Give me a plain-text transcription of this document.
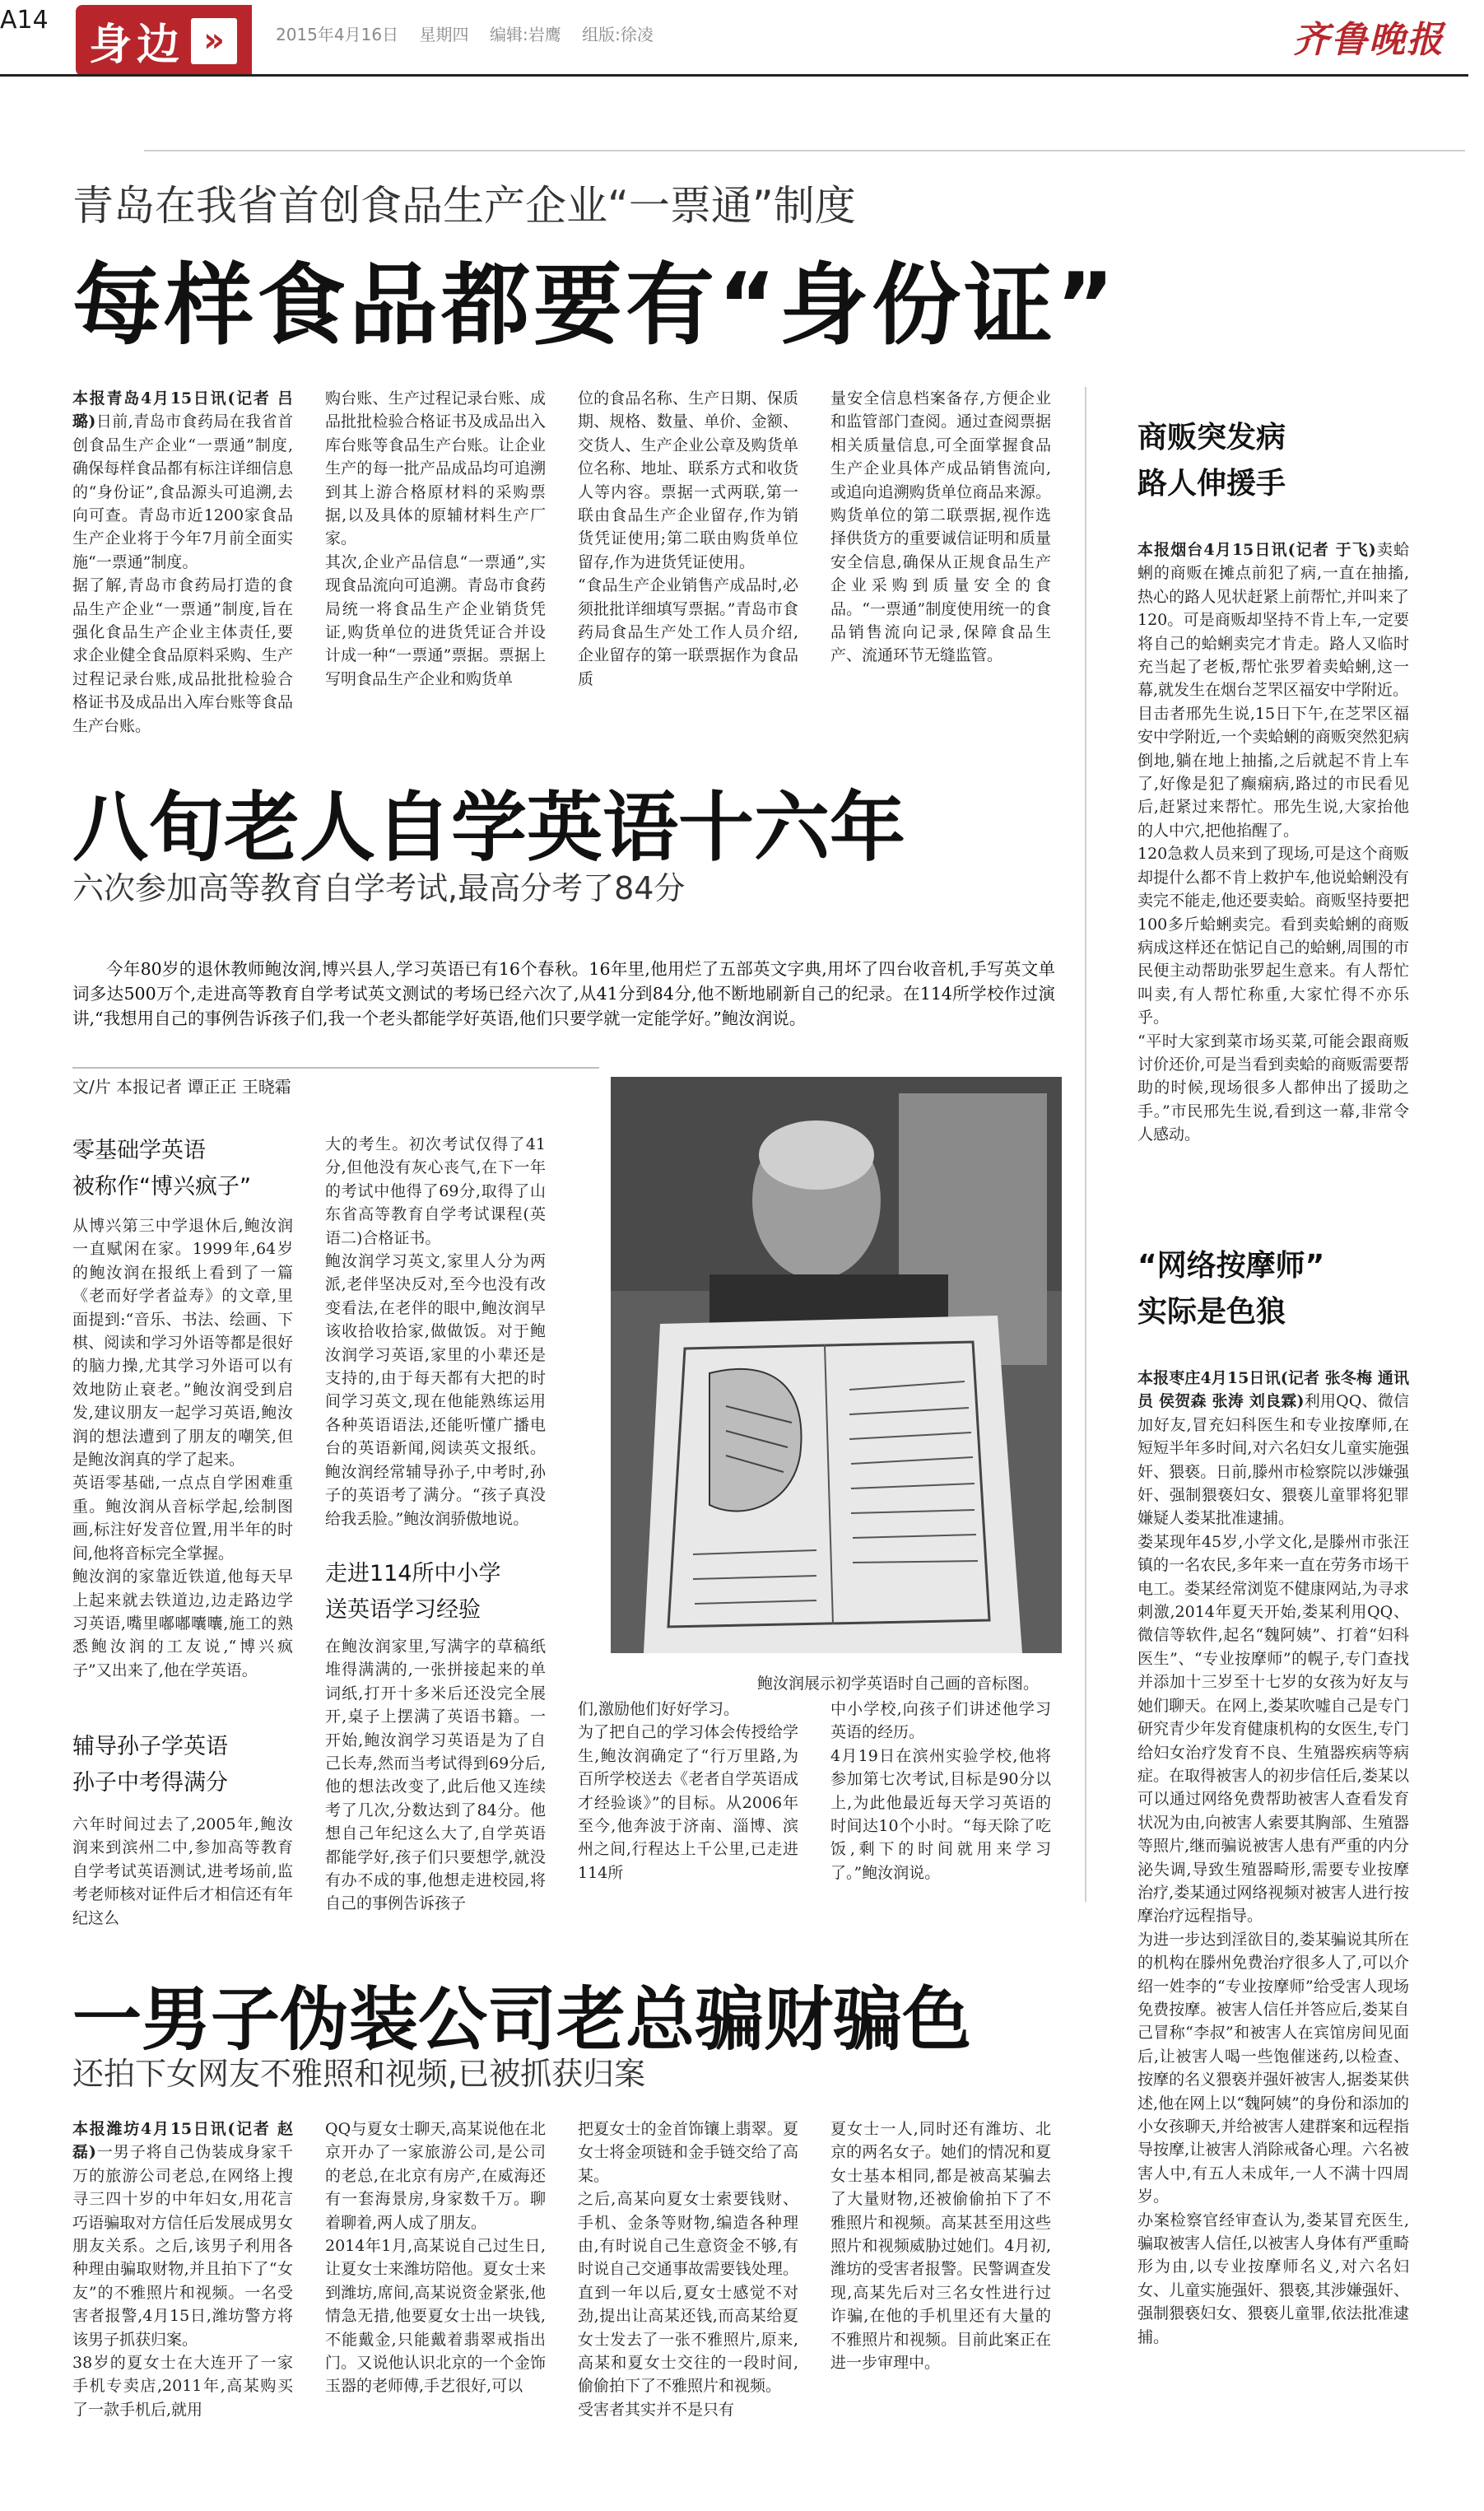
A14
身边 »	2015年4月16日 星期四 编辑:岩鹰 组版:徐凌	齐鲁晚报
青岛在我省首创食品生产企业“一票通”制度
每样食品都要有“身份证”
本报青岛4月15日讯(记者 吕璐)日前,青岛市食药局在我省首创食品生产企业“一票通”制度,确保每样食品都有标注详细信息的“身份证”,食品源头可追溯,去向可查。青岛市近1200家食品生产企业将于今年7月前全面实施“一票通”制度。
据了解,青岛市食药局打造的食品生产企业“一票通”制度,旨在强化食品生产企业主体责任,要求企业健全食品原料采购、生产过程记录台账,成品批批检验合格证书及成品出入库台账等食品生产台账。
购台账、生产过程记录台账、成品批批检验合格证书及成品出入库台账等食品生产台账。让企业生产的每一批产品成品均可追溯到其上游合格原材料的采购票据,以及具体的原辅材料生产厂家。
其次,企业产品信息“一票通”,实现食品流向可追溯。青岛市食药局统一将食品生产企业销货凭证,购货单位的进货凭证合并设计成一种“一票通”票据。票据上写明食品生产企业和购货单
位的食品名称、生产日期、保质期、规格、数量、单价、金额、交货人、生产企业公章及购货单位名称、地址、联系方式和收货人等内容。票据一式两联,第一联由食品生产企业留存,作为销货凭证使用;第二联由购货单位留存,作为进货凭证使用。
“食品生产企业销售产成品时,必须批批详细填写票据。”青岛市食药局食品生产处工作人员介绍,企业留存的第一联票据作为食品质
量安全信息档案备存,方便企业和监管部门查阅。通过查阅票据相关质量信息,可全面掌握食品生产企业具体产成品销售流向,或追向追溯购货单位商品来源。购货单位的第二联票据,视作选择供货方的重要诚信证明和质量安全信息,确保从正规食品生产企业采购到质量安全的食品。“一票通”制度使用统一的食品销售流向记录,保障食品生产、流通环节无缝监管。
八旬老人自学英语十六年
六次参加高等教育自学考试,最高分考了84分
今年80岁的退休教师鲍汝润,博兴县人,学习英语已有16个春秋。16年里,他用烂了五部英文字典,用坏了四台收音机,手写英文单词多达500万个,走进高等教育自学考试英文测试的考场已经六次了,从41分到84分,他不断地刷新自己的纪录。在114所学校作过演讲,“我想用自己的事例告诉孩子们,我一个老头都能学好英语,他们只要学就一定能学好。”鲍汝润说。
文/片 本报记者 谭正正 王晓霜
零基础学英语
被称作“博兴疯子”
从博兴第三中学退休后,鲍汝润一直赋闲在家。1999年,64岁的鲍汝润在报纸上看到了一篇《老而好学者益寿》的文章,里面提到:“音乐、书法、绘画、下棋、阅读和学习外语等都是很好的脑力操,尤其学习外语可以有效地防止衰老。”鲍汝润受到启发,建议朋友一起学习英语,鲍汝润的想法遭到了朋友的嘲笑,但是鲍汝润真的学了起来。
英语零基础,一点点自学困难重重。鲍汝润从音标学起,绘制图画,标注好发音位置,用半年的时间,他将音标完全掌握。
鲍汝润的家靠近铁道,他每天早上起来就去铁道边,边走路边学习英语,嘴里嘟嘟囔囔,施工的熟悉鲍汝润的工友说,“博兴疯子”又出来了,他在学英语。
辅导孙子学英语
孙子中考得满分
六年时间过去了,2005年,鲍汝润来到滨州二中,参加高等教育自学考试英语测试,进考场前,监考老师核对证件后才相信还有年纪这么
大的考生。初次考试仅得了41分,但他没有灰心丧气,在下一年的考试中他得了69分,取得了山东省高等教育自学考试课程(英语二)合格证书。
鲍汝润学习英文,家里人分为两派,老伴坚决反对,至今也没有改变看法,在老伴的眼中,鲍汝润早该收拾收拾家,做做饭。对于鲍汝润学习英语,家里的小辈还是支持的,由于每天都有大把的时间学习英文,现在他能熟练运用各种英语语法,还能听懂广播电台的英语新闻,阅读英文报纸。鲍汝润经常辅导孙子,中考时,孙子的英语考了满分。“孩子真没给我丢脸。”鲍汝润骄傲地说。
走进114所中小学
送英语学习经验
在鲍汝润家里,写满字的草稿纸堆得满满的,一张拼接起来的单词纸,打开十多米后还没完全展开,桌子上摆满了英语书籍。一开始,鲍汝润学习英语是为了自己长寿,然而当考试得到69分后,他的想法改变了,此后他又连续考了几次,分数达到了84分。他想自己年纪这么大了,自学英语都能学好,孩子们只要想学,就没有办不成的事,他想走进校园,将自己的事例告诉孩子
鲍汝润展示初学英语时自己画的音标图。
们,激励他们好好学习。
为了把自己的学习体会传授给学生,鲍汝润确定了“行万里路,为百所学校送去《老者自学英语成才经验谈》”的目标。从2006年至今,他奔波于济南、淄博、滨州之间,行程达上千公里,已走进114所
中小学校,向孩子们讲述他学习英语的经历。
4月19日在滨州实验学校,他将参加第七次考试,目标是90分以上,为此他最近每天学习英语的时间达10个小时。“每天除了吃饭,剩下的时间就用来学习了。”鲍汝润说。
一男子伪装公司老总骗财骗色
还拍下女网友不雅照和视频,已被抓获归案
本报潍坊4月15日讯(记者 赵磊)一男子将自己伪装成身家千万的旅游公司老总,在网络上搜寻三四十岁的中年妇女,用花言巧语骗取对方信任后发展成男女朋友关系。之后,该男子利用各种理由骗取财物,并且拍下了“女友”的不雅照片和视频。一名受害者报警,4月15日,潍坊警方将该男子抓获归案。
38岁的夏女士在大连开了一家手机专卖店,2011年,高某购买了一款手机后,就用
QQ与夏女士聊天,高某说他在北京开办了一家旅游公司,是公司的老总,在北京有房产,在威海还有一套海景房,身家数千万。聊着聊着,两人成了朋友。
2014年1月,高某说自己过生日,让夏女士来潍坊陪他。夏女士来到潍坊,席间,高某说资金紧张,他情急无措,他要夏女士出一块钱,不能戴金,只能戴着翡翠戒指出门。又说他认识北京的一个金饰玉器的老师傅,手艺很好,可以
把夏女士的金首饰镶上翡翠。夏女士将金项链和金手链交给了高某。
之后,高某向夏女士索要钱财、手机、金条等财物,编造各种理由,有时说自己生意资金不够,有时说自己交通事故需要钱处理。直到一年以后,夏女士感觉不对劲,提出让高某还钱,而高某给夏女士发去了一张不雅照片,原来,高某和夏女士交往的一段时间,偷偷拍下了不雅照片和视频。
受害者其实并不是只有
夏女士一人,同时还有潍坊、北京的两名女子。她们的情况和夏女士基本相同,都是被高某骗去了大量财物,还被偷偷拍下了不雅照片和视频。高某甚至用这些照片和视频威胁过她们。4月初,潍坊的受害者报警。民警调查发现,高某先后对三名女性进行过诈骗,在他的手机里还有大量的不雅照片和视频。目前此案正在进一步审理中。
商贩突发病
路人伸援手
本报烟台4月15日讯(记者 于飞)卖蛤蜊的商贩在摊点前犯了病,一直在抽搐,热心的路人见状赶紧上前帮忙,并叫来了120。可是商贩却坚持不肯上车,一定要将自己的蛤蜊卖完才肯走。路人又临时充当起了老板,帮忙张罗着卖蛤蜊,这一幕,就发生在烟台芝罘区福安中学附近。
目击者邢先生说,15日下午,在芝罘区福安中学附近,一个卖蛤蜊的商贩突然犯病倒地,躺在地上抽搐,之后就起不肯上车了,好像是犯了癫痫病,路过的市民看见后,赶紧过来帮忙。邢先生说,大家抬他的人中穴,把他掐醒了。
120急救人员来到了现场,可是这个商贩却提什么都不肯上救护车,他说蛤蜊没有卖完不能走,他还要卖蛤。商贩坚持要把100多斤蛤蜊卖完。看到卖蛤蜊的商贩病成这样还在惦记自己的蛤蜊,周围的市民便主动帮助张罗起生意来。有人帮忙叫卖,有人帮忙称重,大家忙得不亦乐乎。
“平时大家到菜市场买菜,可能会跟商贩讨价还价,可是当看到卖蛤的商贩需要帮助的时候,现场很多人都伸出了援助之手。”市民邢先生说,看到这一幕,非常令人感动。
“网络按摩师”
实际是色狼
本报枣庄4月15日讯(记者 张冬梅 通讯员 侯贺森 张涛 刘良霖)利用QQ、微信加好友,冒充妇科医生和专业按摩师,在短短半年多时间,对六名妇女儿童实施强奸、猥亵。日前,滕州市检察院以涉嫌强奸、强制猥亵妇女、猥亵儿童罪将犯罪嫌疑人娄某批准逮捕。
娄某现年45岁,小学文化,是滕州市张汪镇的一名农民,多年来一直在劳务市场干电工。娄某经常浏览不健康网站,为寻求刺激,2014年夏天开始,娄某利用QQ、微信等软件,起名“魏阿姨”、打着“妇科医生”、“专业按摩师”的幌子,专门查找并添加十三岁至十七岁的女孩为好友与她们聊天。在网上,娄某吹嘘自己是专门研究青少年发育健康机构的女医生,专门给妇女治疗发育不良、生殖器疾病等病症。在取得被害人的初步信任后,娄某以可以通过网络免费帮助被害人查看发育状况为由,向被害人索要其胸部、生殖器等照片,继而骗说被害人患有严重的内分泌失调,导致生殖器畸形,需要专业按摩治疗,娄某通过网络视频对被害人进行按摩治疗远程指导。
为进一步达到淫欲目的,娄某骗说其所在的机构在滕州免费治疗很多人了,可以介绍一姓李的“专业按摩师”给受害人现场免费按摩。被害人信任并答应后,娄某自己冒称“李叔”和被害人在宾馆房间见面后,让被害人喝一些饱催迷药,以检查、按摩的名义猥亵并强奸被害人,据娄某供述,他在网上以“魏阿姨”的身份和添加的小女孩聊天,并给被害人建群案和远程指导按摩,让被害人消除戒备心理。六名被害人中,有五人未成年,一人不满十四周岁。
办案检察官经审查认为,娄某冒充医生,骗取被害人信任,以被害人身体有严重畸形为由,以专业按摩师名义,对六名妇女、儿童实施强奸、猥亵,其涉嫌强奸、强制猥亵妇女、猥亵儿童罪,依法批准逮捕。
